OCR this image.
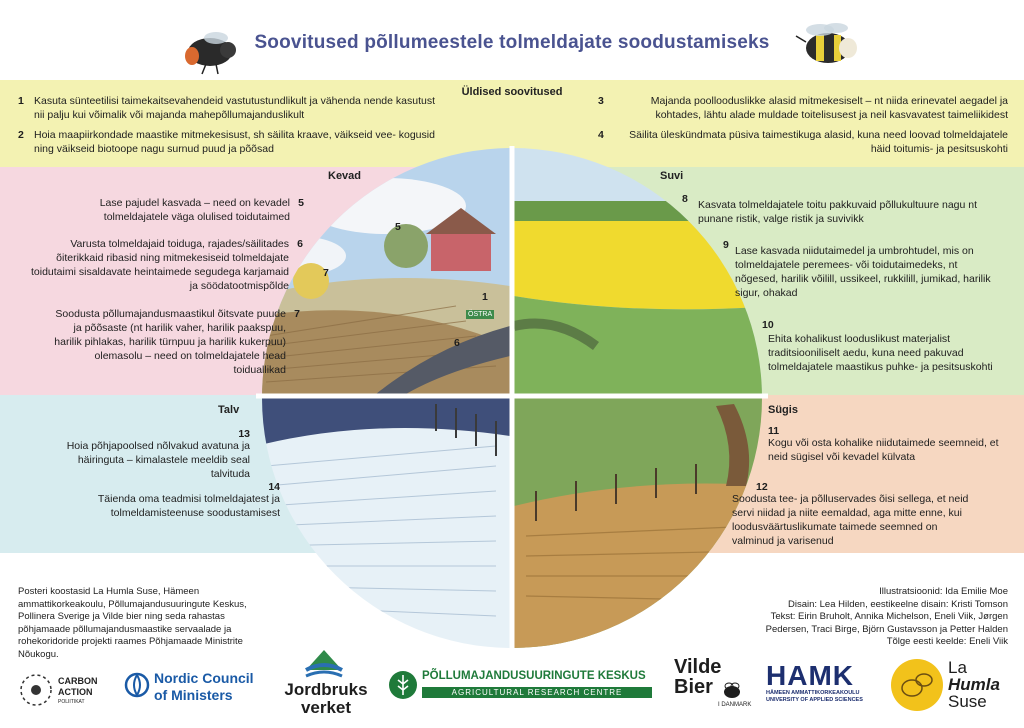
Soovitused põllumeestele tolmeldajate soodustamiseks
Üldised soovitused
1 Kasuta sünteetilisi taimekaitsevahendeid vastutustundlikult ja vähenda nende kasutust nii palju kui võimalik või majanda mahepõllumajanduslikult
2 Hoia maapiirkondade maastike mitmekesisust, sh säilita kraave, väikseid vee- kogusid ning väikseid biotoope nagu surnud puud ja põõsad
3	Majanda poollooduslikke alasid mitmekesiselt – nt niida erinevatel aegadel ja kohtades, lähtu alade muldade toitelisusest ja neil kasvavatest taimeliikidest
4	Säilita üleskündmata püsiva taimestikuga alasid, kuna need loovad tolmeldajatele häid toitumis- ja pesitsuskohti
5
7
1
6
ÖSTRA
Kevad	Suvi
Talv	Sügis
5
Lase pajudel kasvada – need on kevadel tolmeldajatele väga olulised toidutaimed
6
Varusta tolmeldajaid toiduga, rajades/säilitades õiterikkaid ribasid ning mitmekesiseid tolmeldajate toidutaimi sisaldavate heintaimede segudega karjamaid ja söödatootmispõlde
7
Soodusta põllumajandusmaastikul õitsvate puude ja põõsaste (nt harilik vaher, harilik paakspuu, harilik pihlakas, harilik türnpuu ja harilik kukerpuu) olemasolu – need on tolmeldajatele head toiduallikad
8 Kasvata tolmeldajatele toitu pakkuvaid põllukultuure nagu nt punane ristik, valge ristik ja suvivikk
9 Lase kasvada niidutaimedel ja umbrohtudel, mis on tolmeldajatele peremees- või toidutaimedeks, nt nõgesed, harilik võilill, ussikeel, rukkilill, jumikad, harilik sigur, ohakad
10
Ehita kohalikust looduslikust materjalist traditsiooniliselt aedu, kuna need pakuvad tolmeldajatele maastikus puhke- ja pesitsuskohti
13
Hoia põhjapoolsed nõlvakud avatuna ja häiringuta – kimalastele meeldib seal talvituda
14
Täienda oma teadmisi tolmeldajatest ja tolmeldamisteenuse soodustamisest
11
Kogu või osta kohalike niidutaimede seemneid, et neid sügisel või kevadel külvata
12
Soodusta tee- ja põlluservades õisi sellega, et neid servi niidad ja niite eemaldad, aga mitte enne, kui loodusväärtuslikumate taimede seemned on valminud ja varisenud
Posteri koostasid La Humla Suse, Hämeen ammattikorkeakoulu, Põllumajandusuuringute Keskus, Pollinera Sverige ja Vilde bier ning seda rahastas põhjamaade põllumajandusmaastike servaalade ja rohekoridoride projekti raames Põhjamaade Ministrite Nõukogu.
Illustratsioonid: Ida Emilie Moe
Disain: Lea Hilden, eestikeelne disain: Kristi Tomson
Tekst: Eirin Bruholt, Annika Michelson, Eneli Viik, Jørgen
Pedersen, Traci Birge, Björn Gustavsson ja Petter Halden
Tõlge eesti keelde: Eneli Viik
CARBON ACTION
POLIITIKAT
Nordic Council
of Ministers	Jordbruks
verket
PÕLLUMAJANDUSUURINGUTE KESKUS
AGRICULTURAL RESEARCH CENTRE
Vilde
Bier
I DANMARK
HAMK
HÄMEEN AMMATTIKORKEAKOULU
UNIVERSITY OF APPLIED SCIENCES
La
Humla
Suse
